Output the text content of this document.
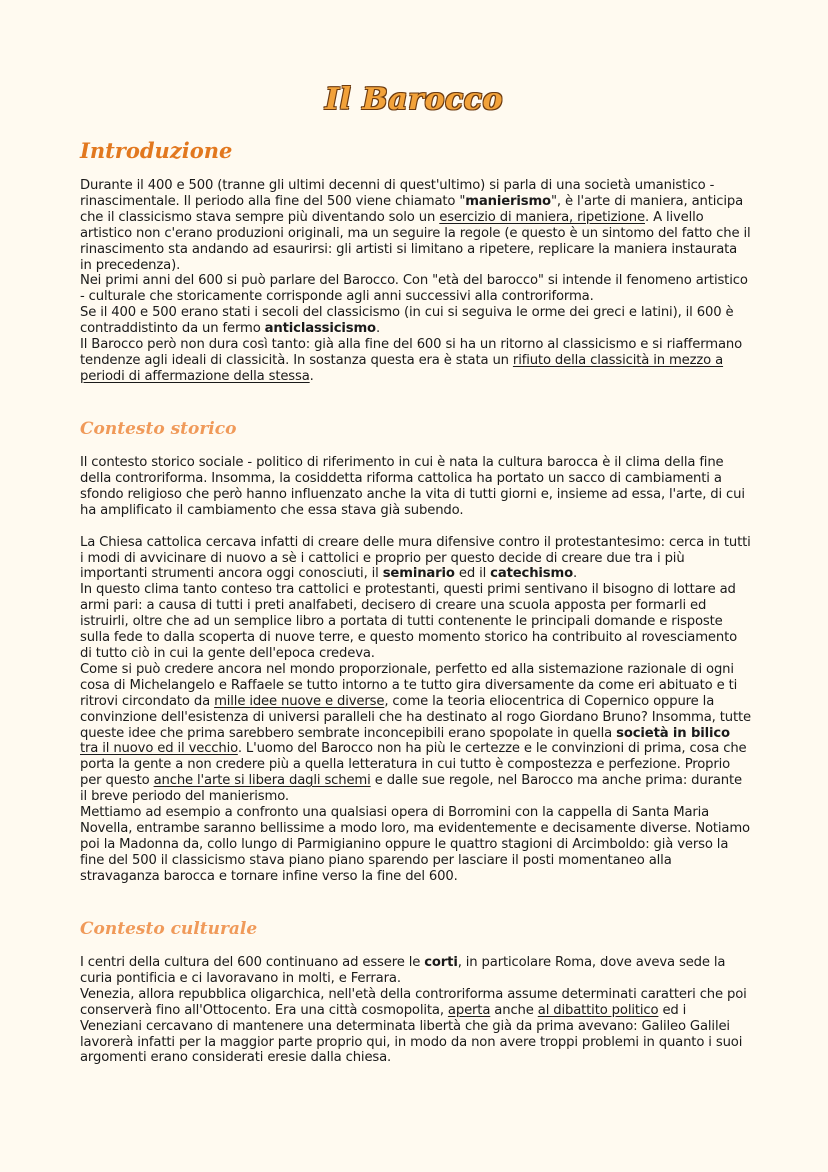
Il Barocco
Introduzione

Durante il 400 e 500 (tranne gli ultimi decenni di quest'ultimo) si parla di una società umanistico - rinascimentale. Il periodo alla fine del 500 viene chiamato "manierismo", è l'arte di maniera, anticipa che il classicismo stava sempre più diventando solo un esercizio di maniera, ripetizione. A livello artistico non c'erano produzioni originali, ma un seguire la regole (e questo è un sintomo del fatto che il rinascimento sta andando ad esaurirsi: gli artisti si limitano a ripetere, replicare la maniera instaurata in precedenza).

Nei primi anni del 600 si può parlare del Barocco. Con "età del barocco" si intende il fenomeno artistico - culturale che storicamente corrisponde agli anni successivi alla controriforma.

Se il 400 e 500 erano stati i secoli del classicismo (in cui si seguiva le orme dei greci e latini), il 600 è contraddistinto da un fermo anticlassicismo.

Il Barocco però non dura così tanto: già alla fine del 600 si ha un ritorno al classicismo e si riaffermano tendenze agli ideali di classicità. In sostanza questa era è stata un rifiuto della classicità in mezzo a periodi di affermazione della stessa.

Contesto storico

Il contesto storico sociale - politico di riferimento in cui è nata la cultura barocca è il clima della fine della controriforma. Insomma, la cosiddetta riforma cattolica ha portato un sacco di cambiamenti a sfondo religioso che però hanno influenzato anche la vita di tutti giorni e, insieme ad essa, l'arte, di cui ha amplificato il cambiamento che essa stava già subendo.

La Chiesa cattolica cercava infatti di creare delle mura difensive contro il protestantesimo: cerca in tutti i modi di avvicinare di nuovo a sè i cattolici e proprio per questo decide di creare due tra i più importanti strumenti ancora oggi conosciuti, il seminario ed il catechismo.

In questo clima tanto conteso tra cattolici e protestanti, questi primi sentivano il bisogno di lottare ad armi pari: a causa di tutti i preti analfabeti, decisero di creare una scuola apposta per formarli ed istruirli, oltre che ad un semplice libro a portata di tutti contenente le principali domande e risposte sulla fede to dalla scoperta di nuove terre, e questo momento storico ha contribuito al rovesciamento di tutto ciò in cui la gente dell'epoca credeva.

Come si può credere ancora nel mondo proporzionale, perfetto ed alla sistemazione razionale di ogni cosa di Michelangelo e Raffaele se tutto intorno a te tutto gira diversamente da come eri abituato e ti ritrovi circondato da mille idee nuove e diverse, come la teoria eliocentrica di Copernico oppure la convinzione dell'esistenza di universi paralleli che ha destinato al rogo Giordano Bruno? Insomma, tutte queste idee che prima sarebbero sembrate inconcepibili erano spopolate in quella società in bilico tra il nuovo ed il vecchio. L'uomo del Barocco non ha più le certezze e le convinzioni di prima, cosa che porta la gente a non credere più a quella letteratura in cui tutto è compostezza e perfezione. Proprio per questo anche l'arte si libera dagli schemi e dalle sue regole, nel Barocco ma anche prima: durante il breve periodo del manierismo.

Mettiamo ad esempio a confronto una qualsiasi opera di Borromini con la cappella di Santa Maria Novella, entrambe saranno bellissime a modo loro, ma evidentemente e decisamente diverse. Notiamo poi la Madonna da, collo lungo di Parmigianino oppure le quattro stagioni di Arcimboldo: già verso la fine del 500 il classicismo stava piano piano sparendo per lasciare il posti momentaneo alla stravaganza barocca e tornare infine verso la fine del 600.

Contesto culturale

I centri della cultura del 600 continuano ad essere le corti, in particolare Roma, dove aveva sede la curia pontificia e ci lavoravano in molti, e Ferrara.

Venezia, allora repubblica oligarchica, nell'età della controriforma assume determinati caratteri che poi conserverà fino all'Ottocento. Era una città cosmopolita, aperta anche al dibattito politico ed i Veneziani cercavano di mantenere una determinata libertà che già da prima avevano: Galileo Galilei lavorerà infatti per la maggior parte proprio qui, in modo da non avere troppi problemi in quanto i suoi argomenti erano considerati eresie dalla chiesa.
